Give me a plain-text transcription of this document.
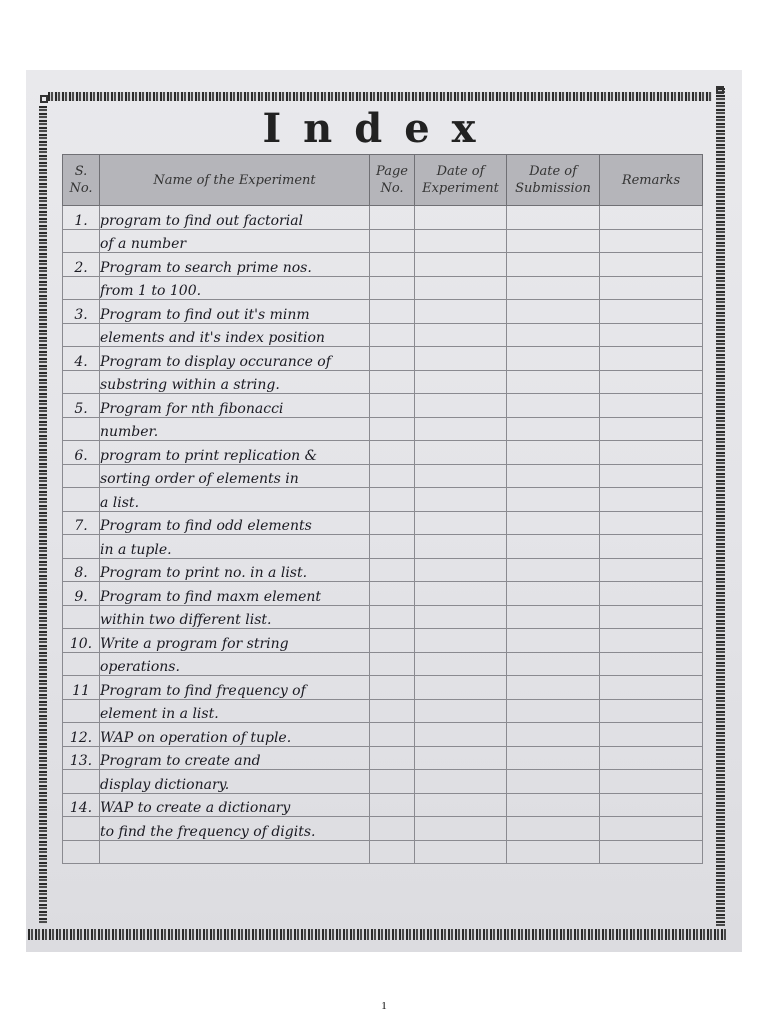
Index
S. No.	Name of the Experiment	Page No.	Date of Experiment	Date of Submission	Remarks
1.	program to find out factorial				
	of a number				
2.	Program to search prime nos.				
	from 1 to 100.				
3.	Program to find out it's minm				
	elements and it's index position				
4.	Program to display occurance of				
	substring within a string.				
5.	Program for nth fibonacci				
	number.				
6.	program to print replication &				
	sorting order of elements in				
	a list.				
7.	Program to find odd elements				
	in a tuple.				
8.	Program to print no. in a list.				
9.	Program to find maxm element				
	within two different list.				
10.	Write a program for string				
	operations.				
11	Program to find frequency of				
	element in a list.				
12.	WAP on operation of tuple.				
13.	Program to create and				
	display dictionary.				
14.	WAP to create a dictionary				
	to find the frequency of digits.				

1
